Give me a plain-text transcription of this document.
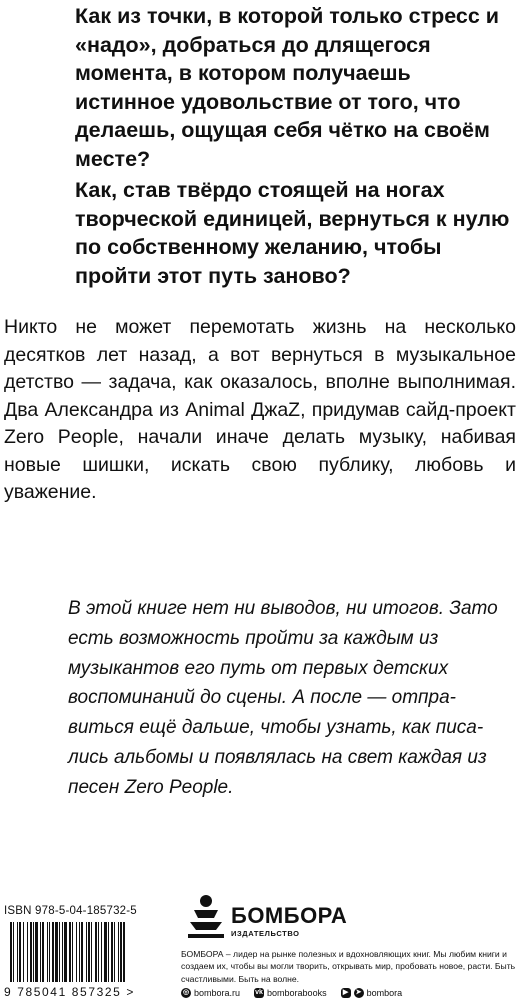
Как из точки, в которой только стресс и «надо», добраться до длящегося момента, в котором получаешь истинное удовольствие от того, что делаешь, ощущая себя чётко на своём месте?

Как, став твёрдо стоящей на ногах творческой единицей, вернуться к нулю по собственному желанию, чтобы пройти этот путь заново?

Никто не может перемотать жизнь на несколько десятков лет назад, а вот вернуться в музыкальное детство — задача, как оказалось, вполне выполнимая. Два Александра из Animal ДжаZ, придумав сайд-проект Zero People, начали иначе делать музыку, набивая новые шишки, искать свою публику, любовь и уважение.

В этой книге нет ни выводов, ни итогов. Зато есть возможность пройти за каждым из музыкантов его путь от первых детских воспоминаний до сцены. А после — отправиться ещё дальше, чтобы узнать, как писались альбомы и появлялась на свет каждая из песен Zero People.

ISBN 978-5-04-185732-5
9 785041 857325 >
БОМБОРА
ИЗДАТЕЛЬСТВО

БОМБОРА – лидер на рынке полезных и вдохновляющих книг. Мы любим книги и создаем их, чтобы вы могли творить, открывать мир, пробовать новое, расти. Быть счастливыми. Быть на волне.

◎ bombora.ru vk bomborabooks	▶	➤ bombora
